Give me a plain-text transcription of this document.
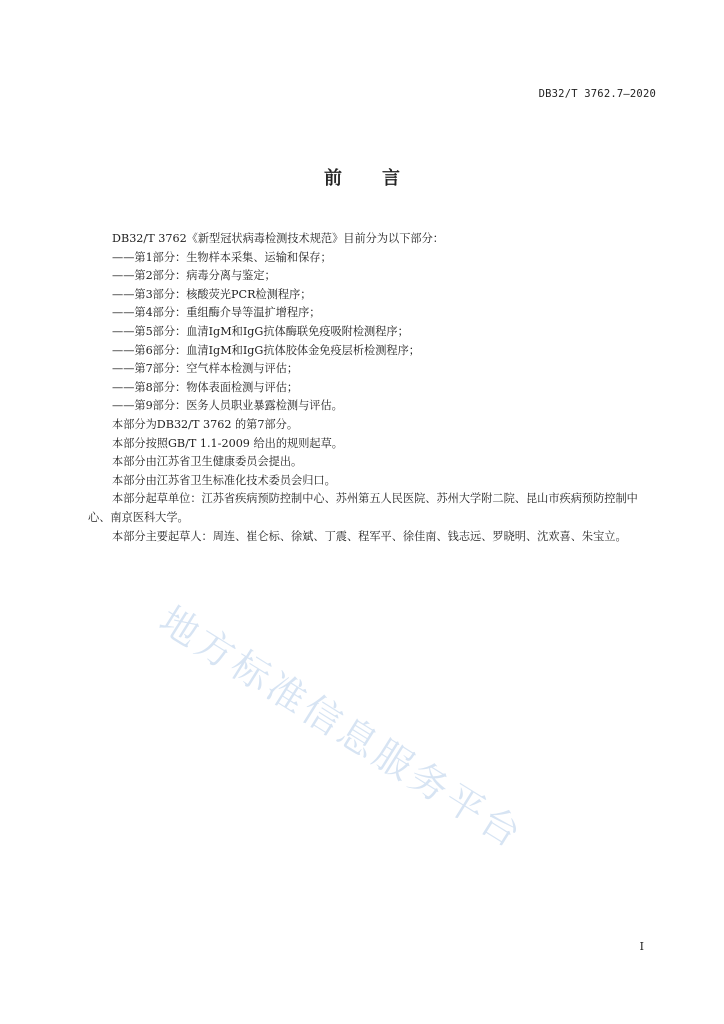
DB32/T 3762.7—2020
前 言

DB32/T 3762《新型冠状病毒检测技术规范》目前分为以下部分：

——第1部分：生物样本采集、运输和保存；

——第2部分：病毒分离与鉴定；

——第3部分：核酸荧光PCR检测程序；

——第4部分：重组酶介导等温扩增程序；

——第5部分：血清IgM和IgG抗体酶联免疫吸附检测程序；

——第6部分：血清IgM和IgG抗体胶体金免疫层析检测程序；

——第7部分：空气样本检测与评估；

——第8部分：物体表面检测与评估；

——第9部分：医务人员职业暴露检测与评估。

本部分为DB32/T 3762 的第7部分。

本部分按照GB/T 1.1-2009 给出的规则起草。

本部分由江苏省卫生健康委员会提出。

本部分由江苏省卫生标准化技术委员会归口。

本部分起草单位：江苏省疾病预防控制中心、苏州第五人民医院、苏州大学附二院、昆山市疾病预防控制中心、南京医科大学。

本部分主要起草人：周连、崔仑标、徐斌、丁震、程军平、徐佳南、钱志远、罗晓明、沈欢喜、朱宝立。

地方标准信息服务平台
I
